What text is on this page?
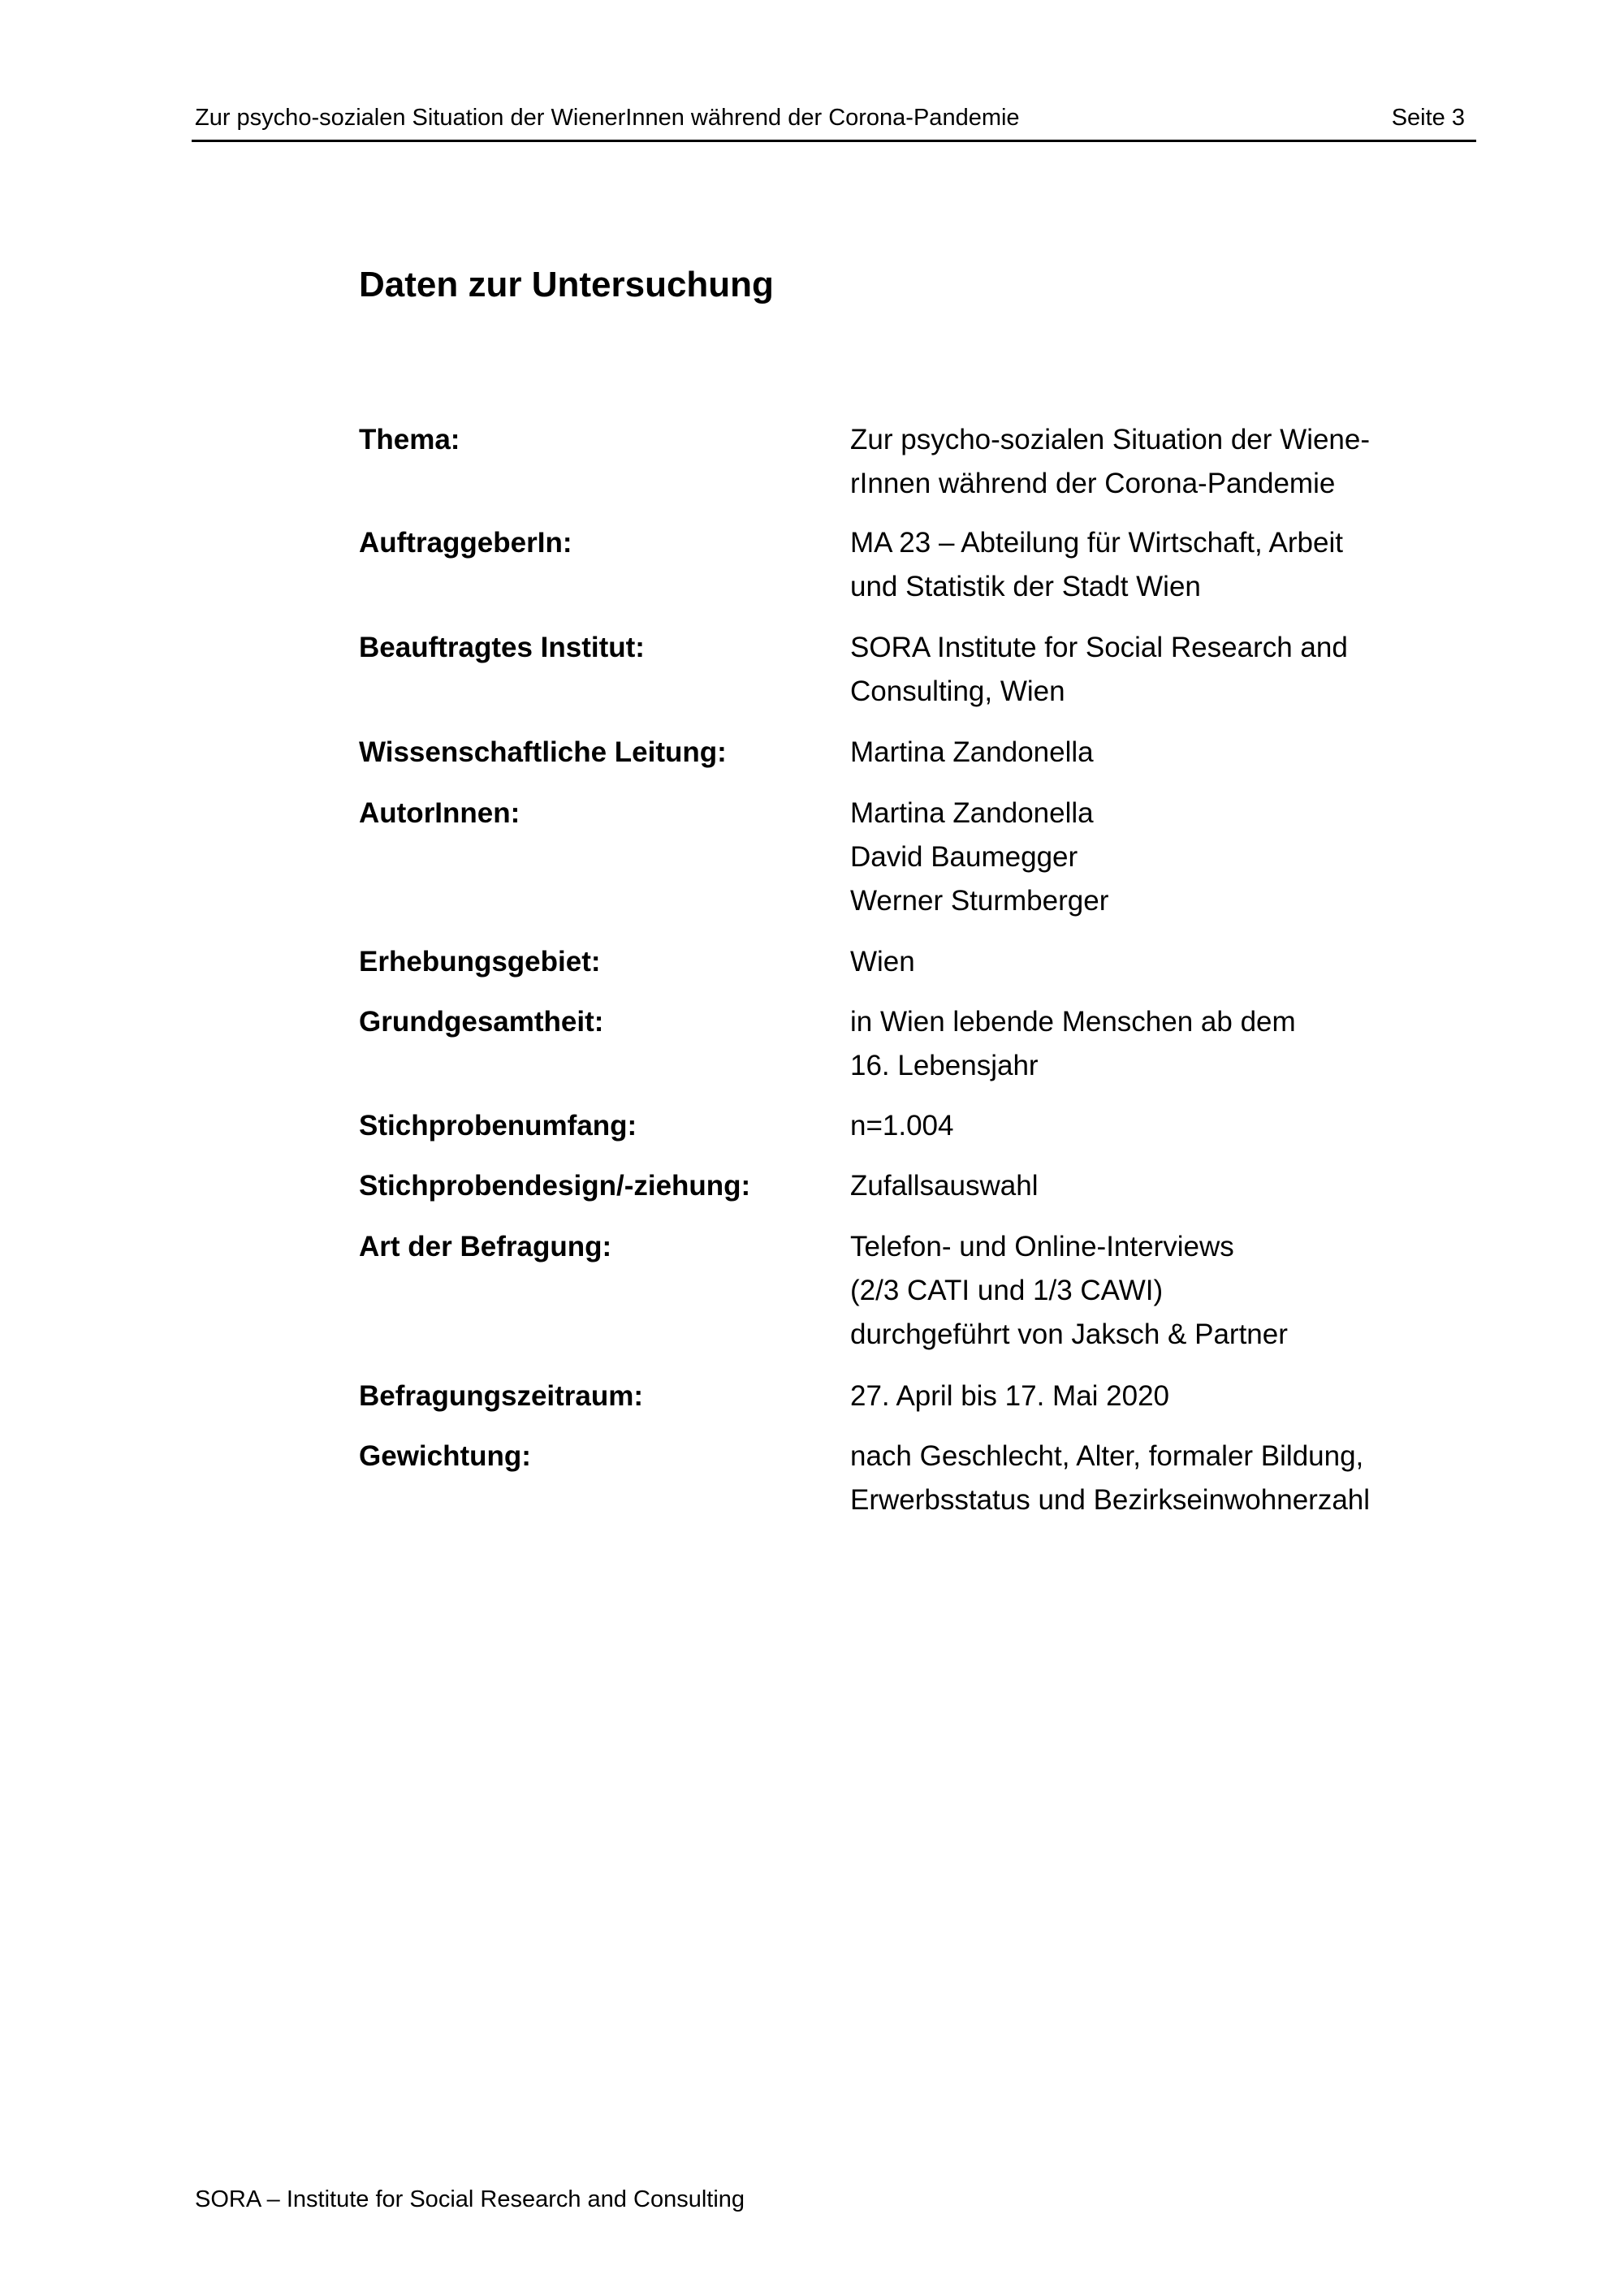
Zur psycho-sozialen Situation der WienerInnen während der Corona-Pandemie	Seite 3
Daten zur Untersuchung
Thema:	Zur psycho-sozialen Situation der Wiene-
rInnen während der Corona-Pandemie
AuftraggeberIn:	MA 23 – Abteilung für Wirtschaft, Arbeit
und Statistik der Stadt Wien
Beauftragtes Institut:	SORA Institute for Social Research and
Consulting, Wien
Wissenschaftliche Leitung:	Martina Zandonella
AutorInnen:	Martina Zandonella
David Baumegger
Werner Sturmberger
Erhebungsgebiet:	Wien
Grundgesamtheit:	in Wien lebende Menschen ab dem
16. Lebensjahr
Stichprobenumfang:	n=1.004
Stichprobendesign/-ziehung:	Zufallsauswahl
Art der Befragung:	Telefon- und Online-Interviews
(2/3 CATI und 1/3 CAWI)
durchgeführt von Jaksch & Partner
Befragungszeitraum:	27. April bis 17. Mai 2020
Gewichtung:	nach Geschlecht, Alter, formaler Bildung,
Erwerbsstatus und Bezirkseinwohnerzahl
SORA – Institute for Social Research and Consulting
